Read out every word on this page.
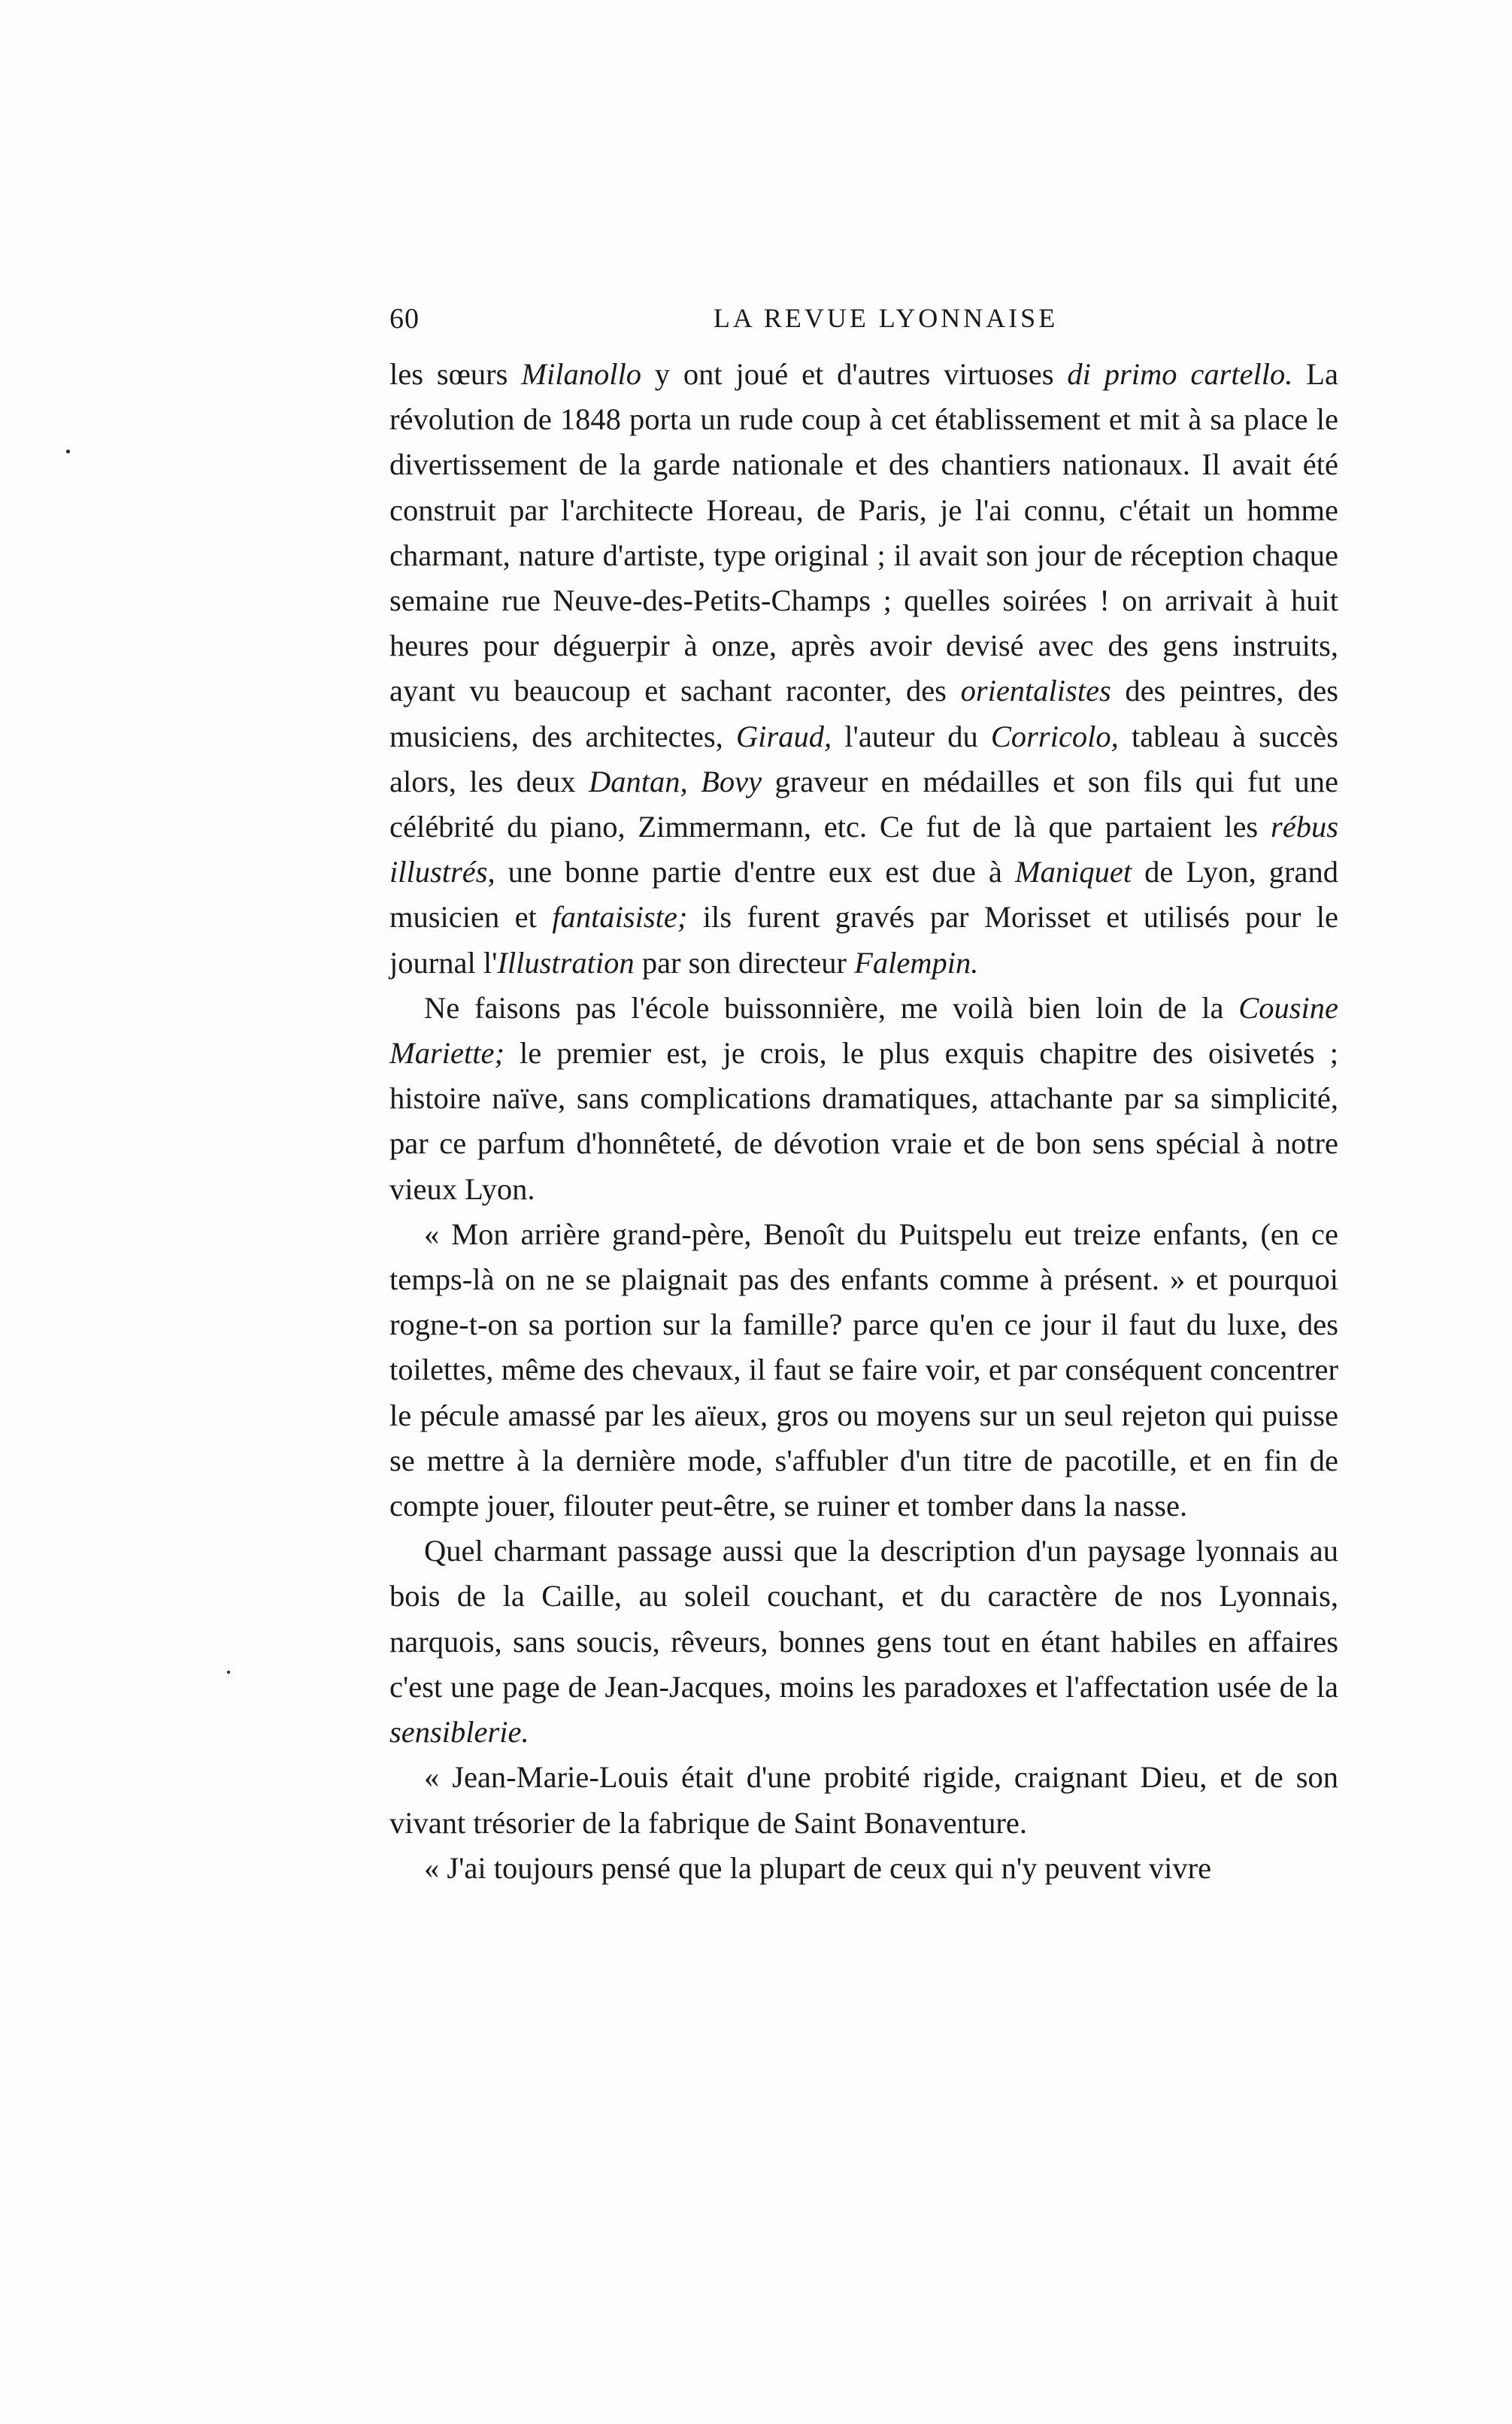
60	LA REVUE LYONNAISE

les sœurs Milanollo y ont joué et d'autres virtuoses di primo cartello. La révolution de 1848 porta un rude coup à cet établissement et mit à sa place le divertissement de la garde nationale et des chantiers nationaux. Il avait été construit par l'architecte Horeau, de Paris, je l'ai connu, c'était un homme charmant, nature d'artiste, type original ; il avait son jour de réception chaque semaine rue Neuve-des-Petits-Champs ; quelles soirées ! on arrivait à huit heures pour déguerpir à onze, après avoir devisé avec des gens instruits, ayant vu beaucoup et sachant raconter, des orientalistes des peintres, des musiciens, des architectes, Giraud, l'auteur du Corricolo, tableau à succès alors, les deux Dantan, Bovy graveur en médailles et son fils qui fut une célébrité du piano, Zimmermann, etc. Ce fut de là que partaient les rébus illustrés, une bonne partie d'entre eux est due à Maniquet de Lyon, grand musicien et fantaisiste; ils furent gravés par Morisset et utilisés pour le journal l'Illustration par son directeur Falempin.

Ne faisons pas l'école buissonnière, me voilà bien loin de la Cousine Mariette; le premier est, je crois, le plus exquis chapitre des oisivetés ; histoire naïve, sans complications dramatiques, attachante par sa simplicité, par ce parfum d'honnêteté, de dévotion vraie et de bon sens spécial à notre vieux Lyon.

« Mon arrière grand-père, Benoît du Puitspelu eut treize enfants, (en ce temps-là on ne se plaignait pas des enfants comme à présent. » et pourquoi rogne-t-on sa portion sur la famille? parce qu'en ce jour il faut du luxe, des toilettes, même des chevaux, il faut se faire voir, et par conséquent concentrer le pécule amassé par les aïeux, gros ou moyens sur un seul rejeton qui puisse se mettre à la dernière mode, s'affubler d'un titre de pacotille, et en fin de compte jouer, filouter peut-être, se ruiner et tomber dans la nasse.

Quel charmant passage aussi que la description d'un paysage lyonnais au bois de la Caille, au soleil couchant, et du caractère de nos Lyonnais, narquois, sans soucis, rêveurs, bonnes gens tout en étant habiles en affaires c'est une page de Jean-Jacques, moins les paradoxes et l'affectation usée de la sensiblerie.

« Jean-Marie-Louis était d'une probité rigide, craignant Dieu, et de son vivant trésorier de la fabrique de Saint Bonaventure.

« J'ai toujours pensé que la plupart de ceux qui n'y peuvent vivre
